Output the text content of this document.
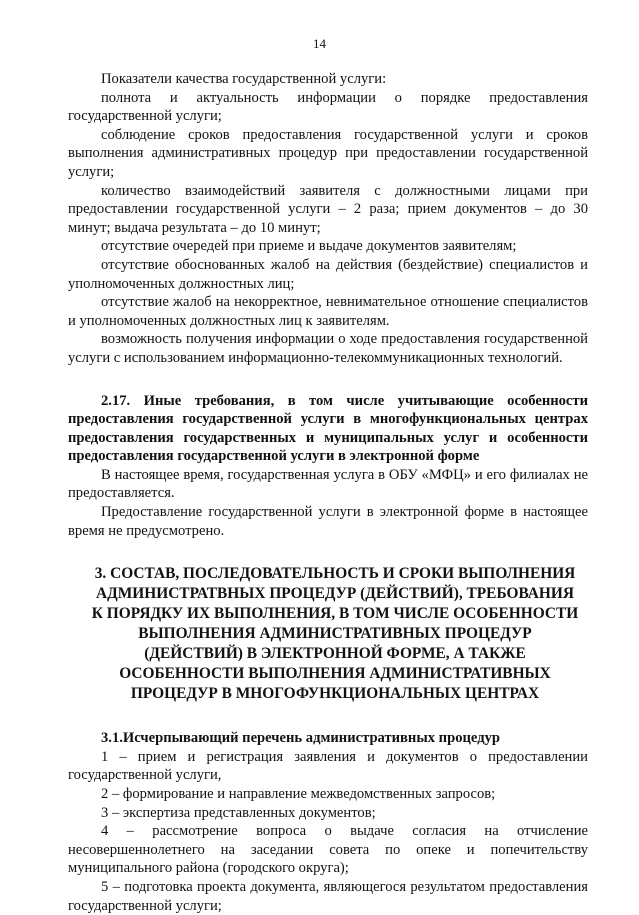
14

Показатели качества государственной услуги:

полнота и актуальность информации о порядке предоставления государственной услуги;

соблюдение сроков предоставления государственной услуги и сроков выполнения административных процедур при предоставлении государственной услуги;

количество взаимодействий заявителя с должностными лицами при предоставлении государственной услуги – 2 раза; прием документов – до 30 минут; выдача результата – до 10 минут;

отсутствие очередей при приеме и выдаче документов заявителям;

отсутствие обоснованных жалоб на действия (бездействие) специалистов и уполномоченных должностных лиц;

отсутствие жалоб на некорректное, невнимательное отношение специалистов и уполномоченных должностных лиц к заявителям.

возможность получения информации о ходе предоставления государственной услуги с использованием информационно-телекоммуникационных технологий.

2.17. Иные требования, в том числе учитывающие особенности предоставления государственной услуги в многофункциональных центрах предоставления государственных и муниципальных услуг и особенности предоставления государственной услуги в электронной форме

В настоящее время, государственная услуга в ОБУ «МФЦ» и его филиалах не предоставляется.

Предоставление государственной услуги в электронной форме в настоящее время не предусмотрено.

3. СОСТАВ, ПОСЛЕДОВАТЕЛЬНОСТЬ И СРОКИ ВЫПОЛНЕНИЯ АДМИНИСТРАТВНЫХ ПРОЦЕДУР (ДЕЙСТВИЙ), ТРЕБОВАНИЯ К ПОРЯДКУ ИХ ВЫПОЛНЕНИЯ, В ТОМ ЧИСЛЕ ОСОБЕННОСТИ ВЫПОЛНЕНИЯ АДМИНИСТРАТИВНЫХ ПРОЦЕДУР (ДЕЙСТВИЙ) В ЭЛЕКТРОННОЙ ФОРМЕ, А ТАКЖЕ ОСОБЕННОСТИ ВЫПОЛНЕНИЯ АДМИНИСТРАТИВНЫХ ПРОЦЕДУР В МНОГОФУНКЦИОНАЛЬНЫХ ЦЕНТРАХ

3.1.Исчерпывающий перечень административных процедур

1 – прием и регистрация заявления и документов о предоставлении государственной услуги,

2 – формирование и направление межведомственных запросов;

3 – экспертиза представленных документов;

4 – рассмотрение вопроса о выдаче согласия на отчисление несовершеннолетнего на заседании совета по опеке и попечительству муниципального района (городского округа);

5 – подготовка проекта документа, являющегося результатом предоставления государственной услуги;
